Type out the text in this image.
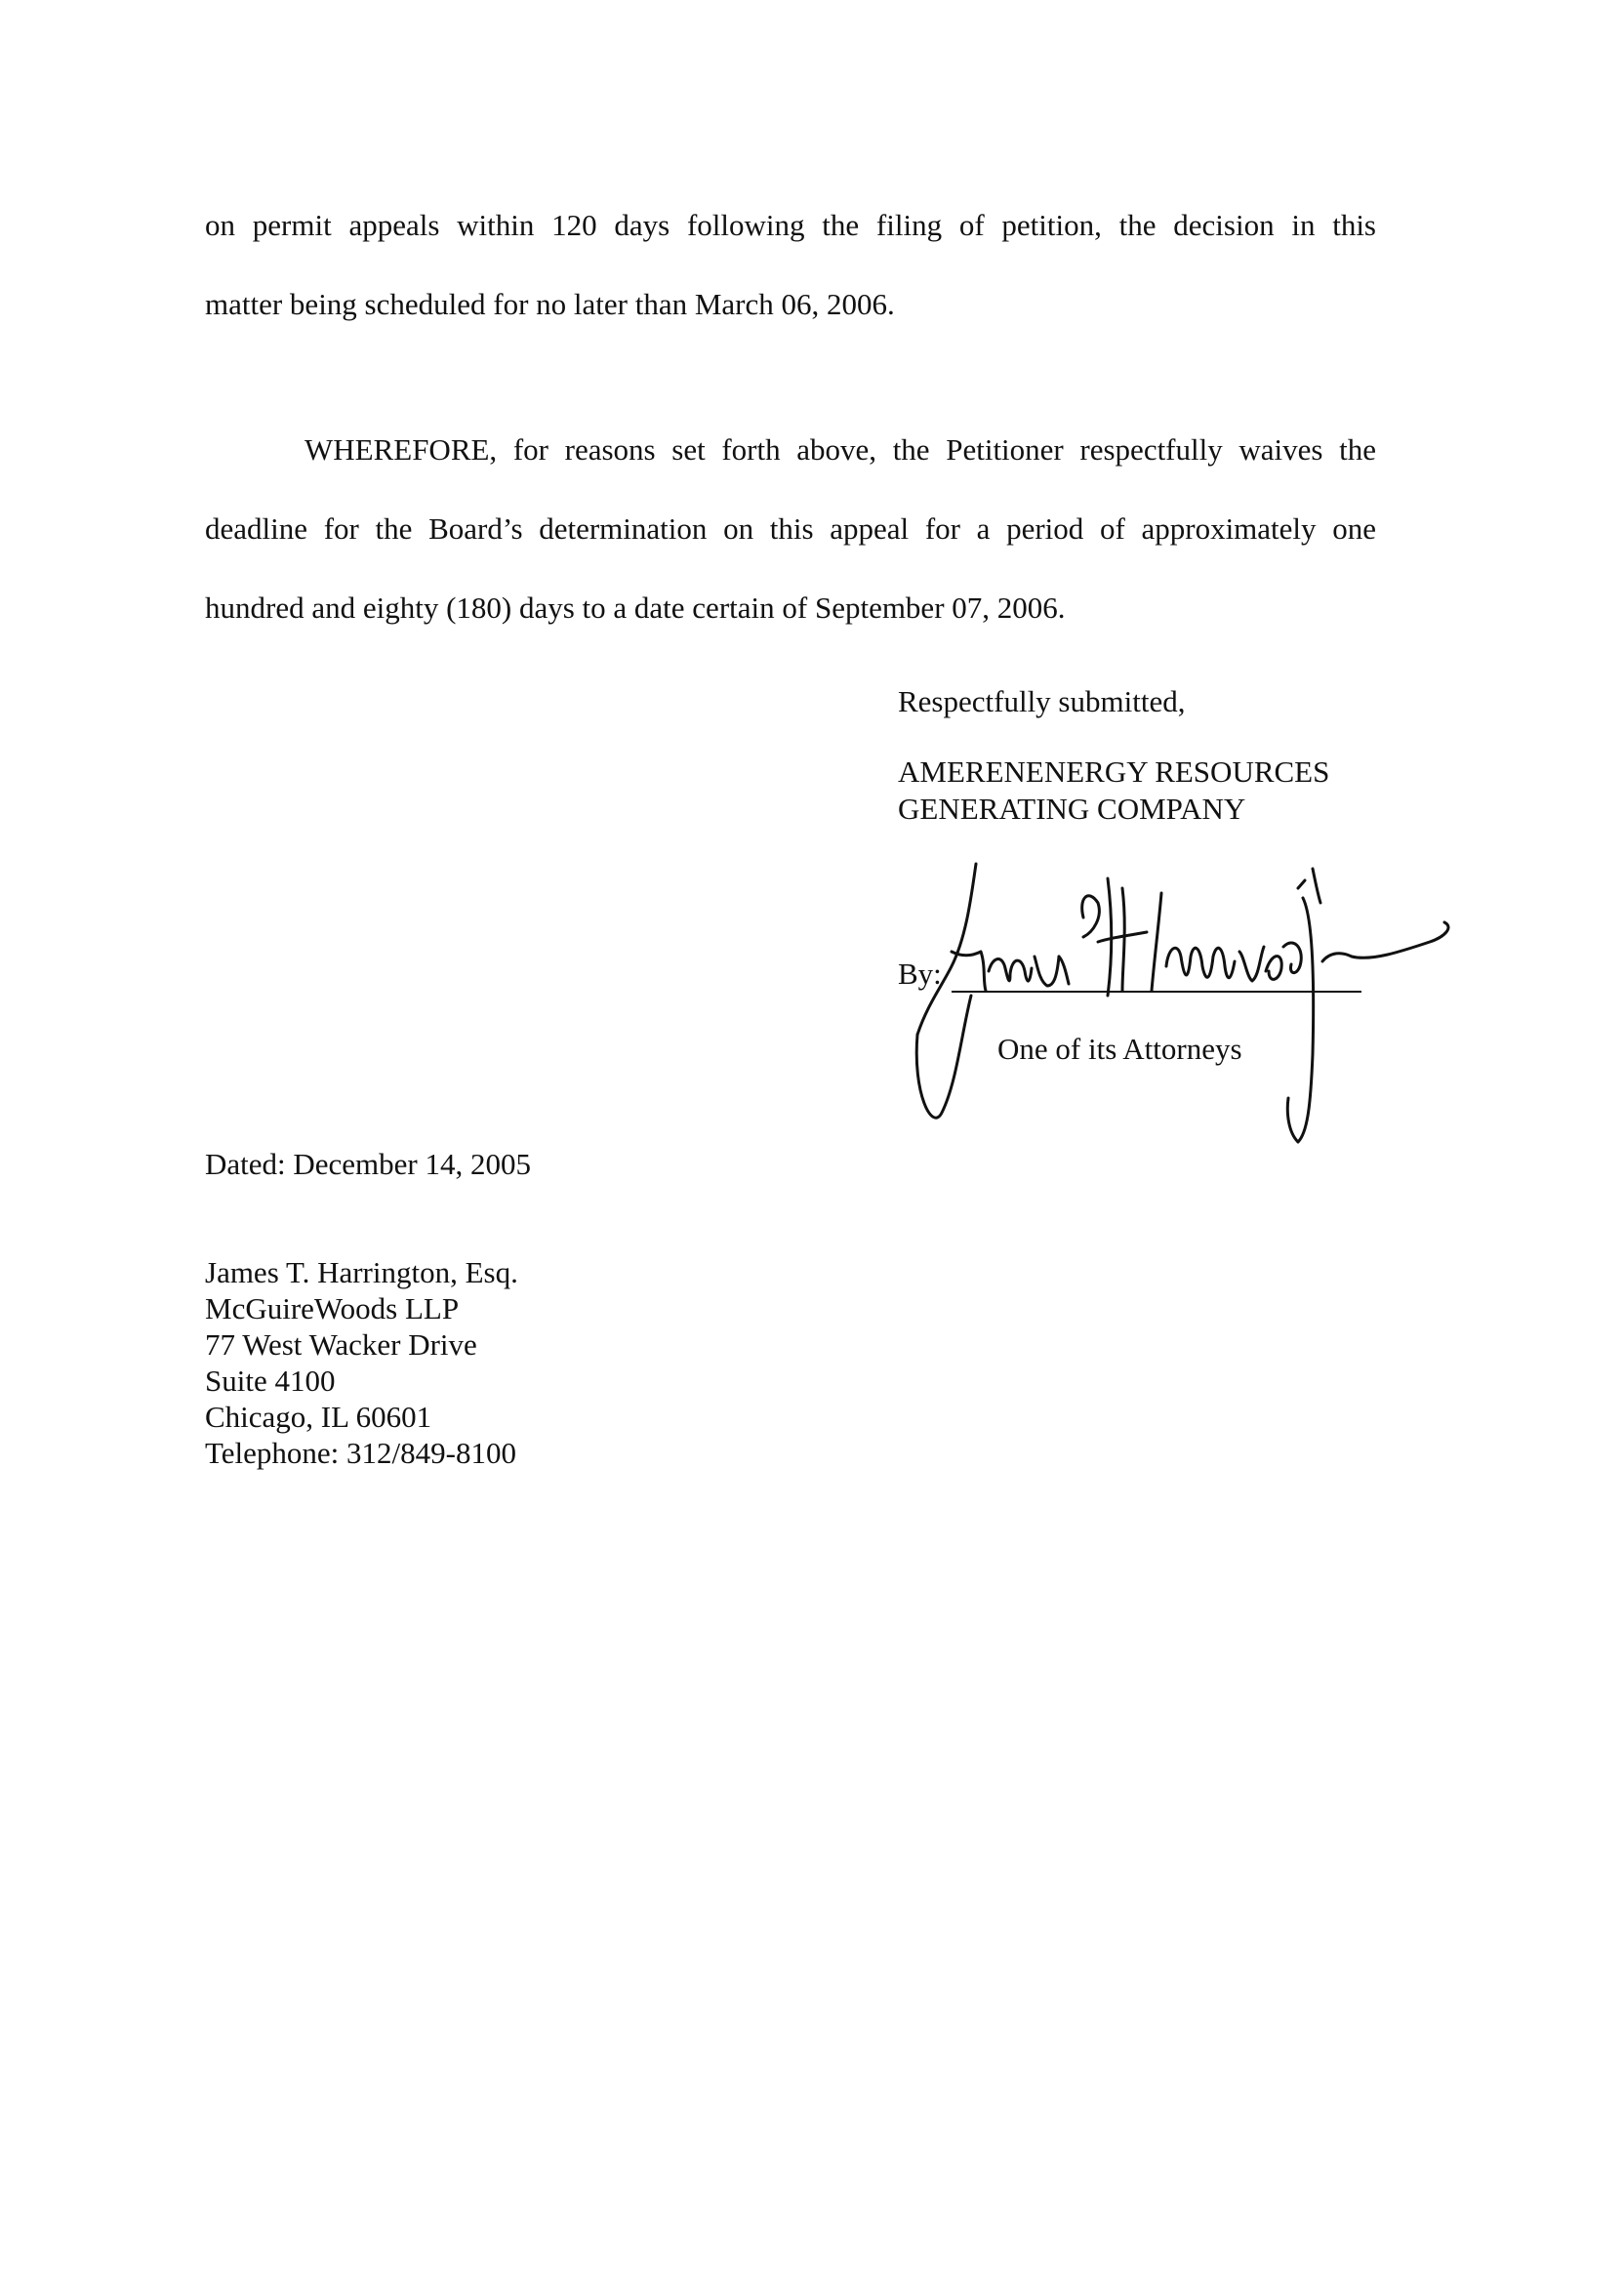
on permit appeals within 120 days following the filing of petition, the decision in this
matter being scheduled for no later than March 06, 2006.
WHEREFORE, for reasons set forth above, the Petitioner respectfully waives the
deadline for the Board’s determination on this appeal for a period of approximately one
hundred and eighty (180) days to a date certain of September 07, 2006.
Respectfully submitted,
AMERENENERGY RESOURCES
GENERATING COMPANY
By:
One of its Attorneys
Dated: December 14, 2005
James T. Harrington, Esq.
McGuireWoods LLP
77 West Wacker Drive
Suite 4100
Chicago, IL 60601
Telephone: 312/849-8100
